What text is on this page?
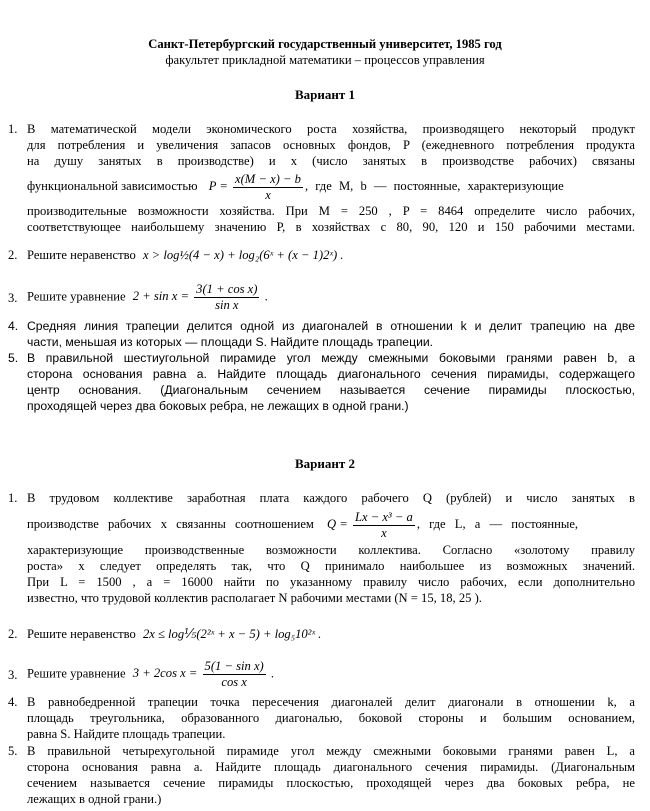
Санкт-Петербургский государственный университет, 1985 год
факультет прикладной математики – процессов управления
Вариант 1
1. В математической модели экономического роста хозяйства, производящего некоторый продукт
для потребления и увеличения запасов основных фондов, P (ежедневного потребления продукта
на душу занятых в производстве) и x (число занятых в производстве рабочих) связаны
функциональной зависимостью $P = \frac{x(M - x) - b}{x}$ , где M, b — постоянные, характеризующие
производительные возможности хозяйства. При M = 250 , P = 8464 определите число рабочих,
соответствующее наибольшему значению P, в хозяйствах с 80, 90, 120 и 150 рабочими местами.
2. Решите неравенство x > log½(4 − x) + log₂(6ˣ + (x − 1)2ˣ) .
3. Решите уравнение $2 + \sin x = \frac{\text{3(1 + cos x)}}{\text{sin x}}$ .
4. Средняя линия трапеции делится одной из диагоналей в отношении k и делит трапецию на две
части, меньшая из которых — площади S. Найдите площадь трапеции.
5. В правильной шестиугольной пирамиде угол между смежными боковыми гранями равен b, а
сторона основания равна a. Найдите площадь диагонального сечения пирамиды, содержащего
центр основания. (Диагональным сечением называется сечение пирамиды плоскостью,
проходящей через два боковых ребра, не лежащих в одной грани.)
Вариант 2
1. В трудовом коллективе заработная плата каждого рабочего Q (рублей) и число занятых в
производстве рабочих x связанны соотношением $Q = \frac{\text{Lx − x³ − a}}{x}$ , где L, a — постоянные,
характеризующие производственные возможности коллектива. Согласно «золотому правилу
роста» x следует определять так, что Q принимало наибольшее из возможных значений.
При L = 1500 , a = 16000 найти по указанному правилу число рабочих, если дополнительно
известно, что трудовой коллектив располагает N рабочими местами (N = 15, 18, 25 ).
2. Решите неравенство 2x ≤ log⅕(2²ˣ + x − 5) + log₅10²ˣ .
3. Решите уравнение 3 + 2cos $x = \frac{\text{5(1 − sin x)}}{\text{cos x}}$ .
4. В равнобедренной трапеции точка пересечения диагоналей делит диагонали в отношении k, а
площадь треугольника, образованного диагональю, боковой стороны и большим основанием,
равна S. Найдите площадь трапеции.
5. В правильной четырехугольной пирамиде угол между смежными боковыми гранями равен L, а
сторона основания равна a. Найдите площадь диагонального сечения пирамиды. (Диагональным
сечением называется сечение пирамиды плоскостью, проходящей через два боковых ребра, не
лежащих в одной грани.)
